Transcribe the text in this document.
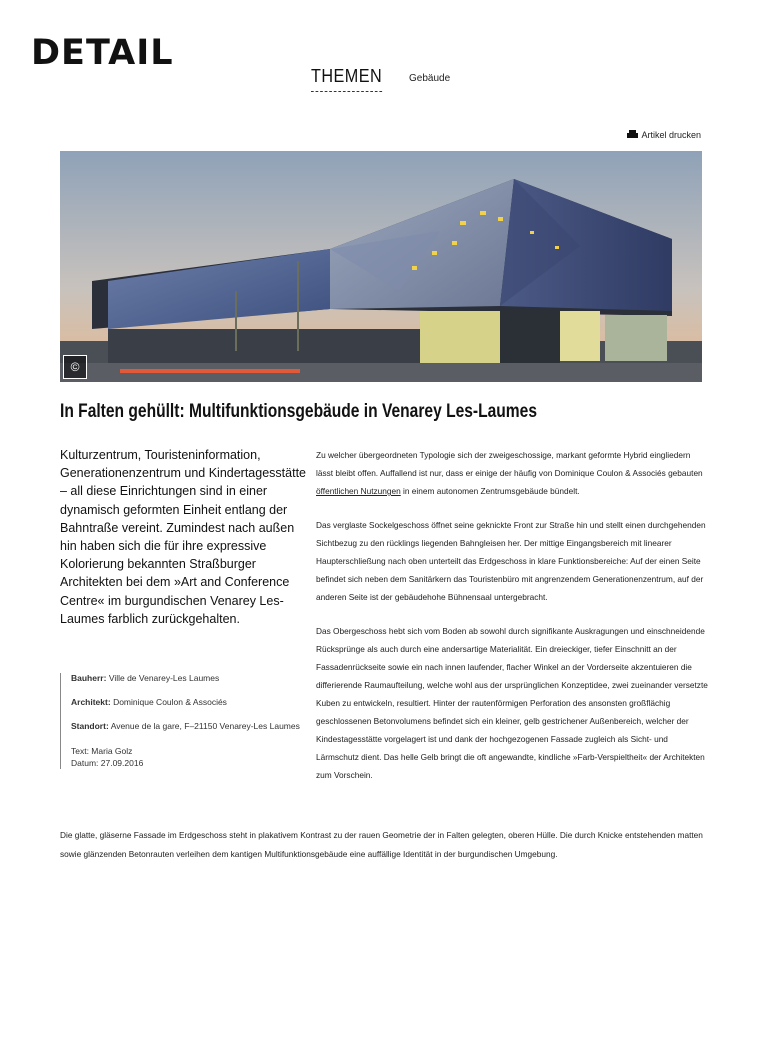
DETAIL
THEMEN	Gebäude
Artikel drucken
©
In Falten gehüllt: Multifunktionsgebäude in Venarey Les-Laumes
Kulturzentrum, Touristeninformation, Generationenzentrum und Kindertagesstätte – all diese Einrichtungen sind in einer dynamisch geformten Einheit entlang der Bahntraße vereint. Zumindest nach außen hin haben sich die für ihre expressive Kolorierung bekannten Straßburger Architekten bei dem »Art and Conference Centre« im burgundischen Venarey Les-Laumes farblich zurückgehalten.
Bauherr: Ville de Venarey-Les Laumes
Architekt: Dominique Coulon & Associés
Standort: Avenue de la gare, F–21150 Venarey-Les Laumes
Text: Maria Golz
Datum: 27.09.2016

Zu welcher übergeordneten Typologie sich der zweigeschossige, markant geformte Hybrid eingliedern lässt bleibt offen. Auffallend ist nur, dass er einige der häufig von Dominique Coulon & Associés gebauten öffentlichen Nutzungen in einem autonomen Zentrumsgebäude bündelt.

Das verglaste Sockelgeschoss öffnet seine geknickte Front zur Straße hin und stellt einen durchgehenden Sichtbezug zu den rücklings liegenden Bahngleisen her. Der mittige Eingangsbereich mit linearer Haupterschließung nach oben unterteilt das Erdgeschoss in klare Funktionsbereiche: Auf der einen Seite befindet sich neben dem Sanitärkern das Touristenbüro mit angrenzendem Generationenzentrum, auf der anderen Seite ist der gebäudehohe Bühnensaal untergebracht.

Das Obergeschoss hebt sich vom Boden ab sowohl durch signifikante Auskragungen und einschneidende Rücksprünge als auch durch eine andersartige Materialität. Ein dreieckiger, tiefer Einschnitt an der Fassadenrückseite sowie ein nach innen laufender, flacher Winkel an der Vorderseite akzentuieren die differierende Raumaufteilung, welche wohl aus der ursprünglichen Konzeptidee, zwei zueinander versetzte Kuben zu entwickeln, resultiert. Hinter der rautenförmigen Perforation des ansonsten großflächig geschlossenen Betonvolumens befindet sich ein kleiner, gelb gestrichener Außenbereich, welcher der Kindestagesstätte vorgelagert ist und dank der hochgezogenen Fassade zugleich als Sicht- und Lärmschutz dient. Das helle Gelb bringt die oft angewandte, kindliche »Farb-Verspieltheit« der Architekten zum Vorschein.

Die glatte, gläserne Fassade im Erdgeschoss steht in plakativem Kontrast zu der rauen Geometrie der in Falten gelegten, oberen Hülle. Die durch Knicke entstehenden matten sowie glänzenden Betonrauten verleihen dem kantigen Multifunktionsgebäude eine auffällige Identität in der burgundischen Umgebung.
